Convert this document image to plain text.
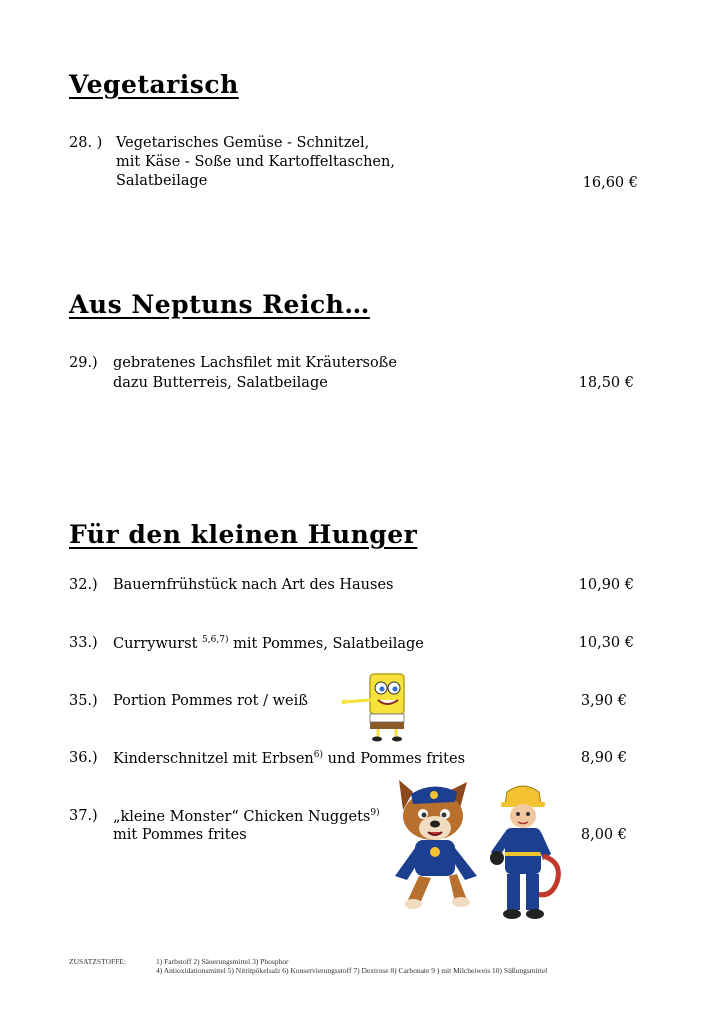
Vegetarisch
28. ) Vegetarisches Gemüse - Schnitzel,
mit Käse - Soße und Kartoffeltaschen,
Salatbeilage	16,60 €
Aus Neptuns Reich…
29.) gebratenes Lachsfilet mit Kräutersoße
dazu Butterreis, Salatbeilage	18,50 €
Für den kleinen Hunger
32.) Bauernfrühstück nach Art des Hauses	10,90 €
33.) Currywurst $^{5,6,7)}$ mit Pommes, Salatbeilage	10,30 €
35.) Portion Pommes rot / weiß	3,90 €
36.) Kinderschnitzel mit Erbsen$^{6)}$ und Pommes frites	8,90 €
37.) „kleine Monster“ Chicken Nuggets$^{9)}$
mit Pommes frites	8,00 €
ZUSATZSTOFFE:	1) Farbstoff 2) Säuerungsmittel 3) Phosphor
4) Antioxidationsmittel 5) Nitritpökelsalz 6) Konservierungsstoff 7) Dextrose 8) Carbonate 9 ) mit Milcheiweis 10) Süßungsmittel
